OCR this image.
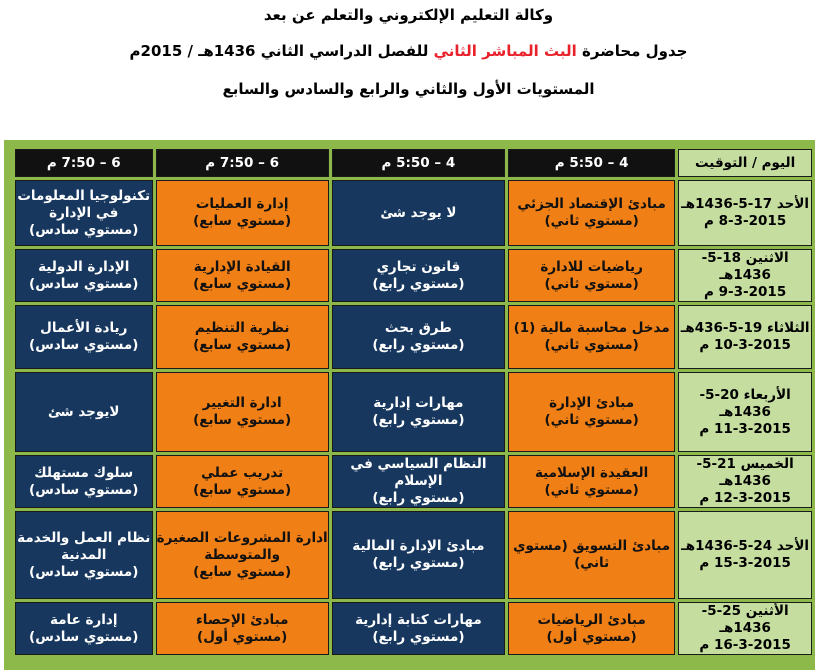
وكالة التعليم الإلكتروني والتعلم عن بعد
جدول محاضرة البث المباشر الثاني للفصل الدراسي الثاني 1436هـ / 2015م
المستويات الأول والثاني والرابع والسادس والسابع
6 – 7:50 م	6 – 7:50 م	4 – 5:50 م	4 – 5:50 م	اليوم / التوقيت

تكنولوجيا المعلومات في الإدارة
(مستوي سادس)	إدارة العمليات
(مستوي سابع)	لا يوجد شئ	مبادئ الإقتصاد الجزئي
(مستوي ثاني)	الأحد 17-5-1436هـ
8-3-2015 م

الإدارة الدولية
(مستوي سادس)	القيادة الإدارية
(مستوي سابع)	قانون تجاري
(مستوي رابع)	رياضيات للادارة
(مستوي ثاني)	الاثنين 18-5-1436هـ
9-3-2015 م

ريادة الأعمال
(مستوي سادس)	نظرية التنظيم
(مستوي سابع)	طرق بحث
(مستوي رابع)	مدخل محاسبة مالية (1)
(مستوي ثاني)	الثلاثاء 19-5-436هـ
10-3-2015 م

لايوجد شئ	ادارة التغيير
(مستوي سابع)	مهارات إدارية
(مستوي رابع)	مبادئ الإدارة
(مستوي ثاني)	الأربعاء 20-5-1436هـ
11-3-2015 م

سلوك مستهلك
(مستوي سادس)	تدريب عملي
(مستوي سابع)	النظام السياسي في الإسلام
(مستوي رابع)	العقيدة الإسلامية
(مستوي ثاني)	الخميس 21-5-1436هـ
12-3-2015 م

نظام العمل والخدمة المدنية
(مستوي سادس)	ادارة المشروعات الصغيرة والمتوسطة
(مستوي سابع)	مبادئ الإدارة المالية
(مستوي رابع)	مبادئ التسويق (مستوي
ثاني)	الأحد 24-5-1436هـ
15-3-2015 م

إدارة عامة
(مستوي سادس)	مبادئ الإحصاء
(مستوي أول)	مهارات كتابة إدارية
(مستوي رابع)	مبادئ الرياضيات
(مستوي أول)	الأثنين 25-5-1436هـ
16-3-2015 م
